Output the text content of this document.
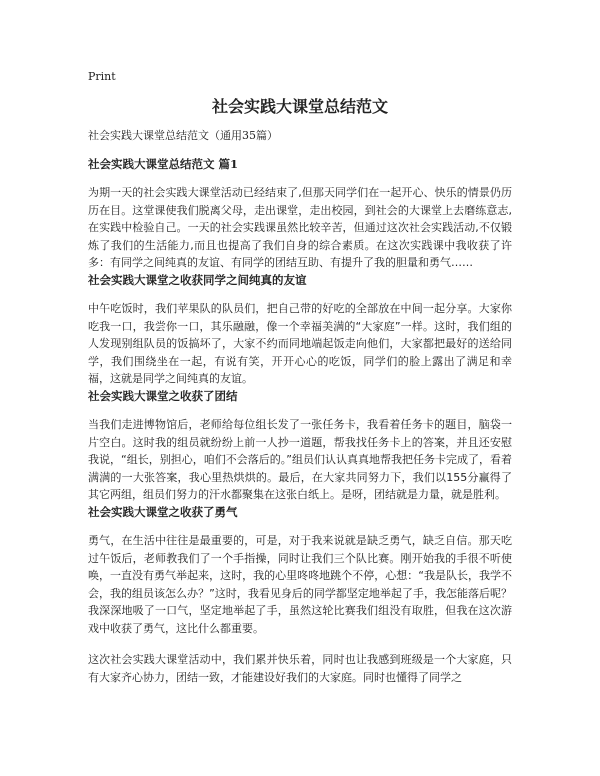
Print
社会实践大课堂总结范文
社会实践大课堂总结范文（通用35篇）
社会实践大课堂总结范文 篇1

为期一天的社会实践大课堂活动已经结束了,但那天同学们在一起开心、快乐的情景仍历历在目。这堂课使我们脱离父母，走出课堂，走出校园，到社会的大课堂上去磨练意志,在实践中检验自己。一天的社会实践课虽然比较辛苦，但通过这次社会实践活动,不仅锻炼了我们的生活能力,而且也提高了我们自身的综合素质。在这次实践课中我收获了许多：有同学之间纯真的友谊、有同学的团结互助、有提升了我的胆量和勇气……

社会实践大课堂之收获同学之间纯真的友谊

中午吃饭时，我们苹果队的队员们，把自己带的好吃的全部放在中间一起分享。大家你吃我一口，我尝你一口，其乐融融，像一个幸福美满的“大家庭”一样。这时，我们组的人发现别组队员的饭搞坏了，大家不约而同地端起饭走向他们，大家都把最好的送给同学，我们围绕坐在一起，有说有笑，开开心心的吃饭，同学们的脸上露出了满足和幸福，这就是同学之间纯真的友谊。

社会实践大课堂之收获了团结

当我们走进博物馆后，老师给每位组长发了一张任务卡，我看着任务卡的题目，脑袋一片空白。这时我的组员就纷纷上前一人抄一道题，帮我找任务卡上的答案，并且还安慰我说，“组长，别担心，咱们不会落后的。”组员们认认真真地帮我把任务卡完成了，看着满满的一大张答案，我心里热烘烘的。最后，在大家共同努力下，我们以155分赢得了其它两组，组员们努力的汗水都聚集在这张白纸上。是呀，团结就是力量，就是胜利。

社会实践大课堂之收获了勇气

勇气，在生活中往往是最重要的，可是，对于我来说就是缺乏勇气，缺乏自信。那天吃过午饭后，老师教我们了一个手指操，同时让我们三个队比赛。刚开始我的手很不听使唤，一直没有勇气举起来，这时，我的心里咚咚地跳个不停，心想：“我是队长，我学不会，我的组员该怎么办？”这时，我看见身后的同学都坚定地举起了手，我怎能落后呢？我深深地吸了一口气，坚定地举起了手，虽然这轮比赛我们组没有取胜，但我在这次游戏中收获了勇气，这比什么都重要。

这次社会实践大课堂活动中，我们累并快乐着，同时也让我感到班级是一个大家庭，只有大家齐心协力，团结一致，才能建设好我们的大家庭。同时也懂得了同学之
